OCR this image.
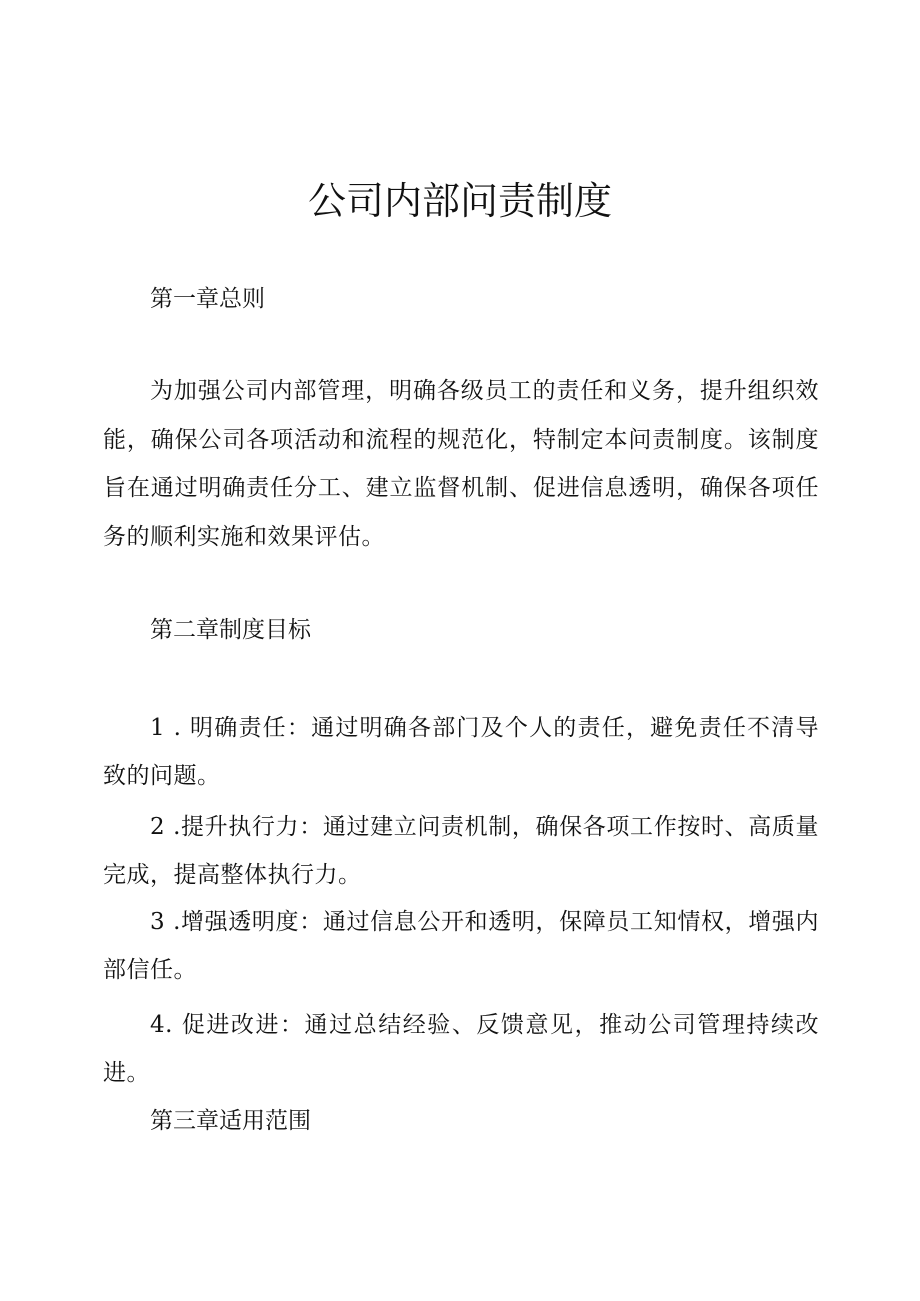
公司内部问责制度
第一章总则

为加强公司内部管理，明确各级员工的责任和义务，提升组织效能，确保公司各项活动和流程的规范化，特制定本问责制度。该制度旨在通过明确责任分工、建立监督机制、促进信息透明，确保各项任务的顺利实施和效果评估。

第二章制度目标

1 . 明确责任：通过明确各部门及个人的责任，避免责任不清导致的问题。

2 .提升执行力：通过建立问责机制，确保各项工作按时、高质量完成，提高整体执行力。

3 .增强透明度：通过信息公开和透明，保障员工知情权，增强内部信任。

4. 促进改进：通过总结经验、反馈意见，推动公司管理持续改进。

第三章适用范围
